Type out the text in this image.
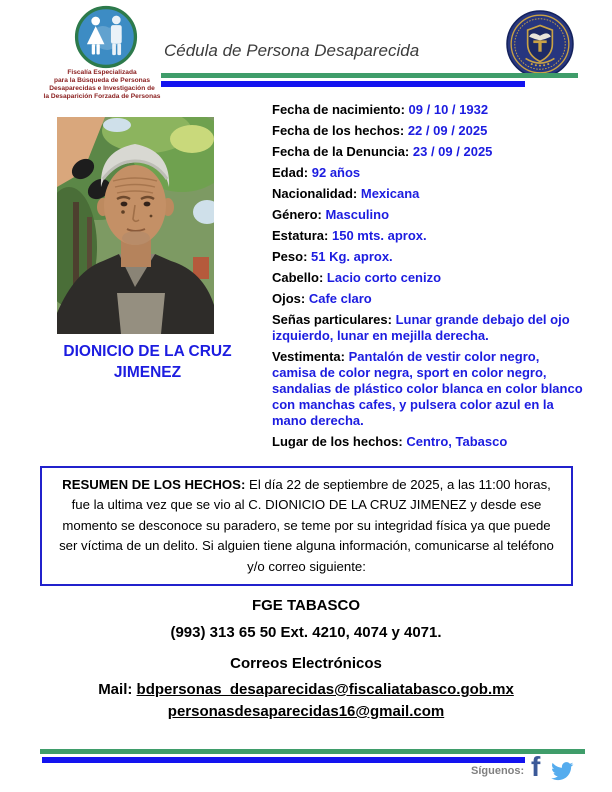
Fiscalía Especializada
para la Búsqueda de Personas
Desaparecidas e Investigación de
la Desaparición Forzada de Personas
Cédula de Persona Desaparecida
DIONICIO DE LA CRUZ
JIMENEZ

Fecha de nacimiento: 09 / 10 / 1932

Fecha de los hechos: 22 / 09 / 2025

Fecha de la Denuncia: 23 / 09 / 2025

Edad: 92 años

Nacionalidad: Mexicana

Género: Masculino

Estatura: 150 mts. aprox.

Peso: 51 Kg. aprox.

Cabello: Lacio corto cenizo

Ojos: Cafe claro

Señas particulares: Lunar grande debajo del ojo izquierdo, lunar en mejilla derecha.

Vestimenta: Pantalón de vestir color negro, camisa de color negra, sport en color negro, sandalias de plástico color blanca en color blanco con manchas cafes, y pulsera color azul en la mano derecha.

Lugar de los hechos: Centro, Tabasco

RESUMEN DE LOS HECHOS: El día 22 de septiembre de 2025, a las 11:00 horas, fue la ultima vez que se vio al C. DIONICIO DE LA CRUZ JIMENEZ y desde ese momento se desconoce su paradero, se teme por su integridad física ya que puede ser víctima de un delito. Si alguien tiene alguna información, comunicarse al teléfono y/o correo siguiente:

FGE TABASCO

(993) 313 65 50 Ext. 4210, 4074 y 4071.

Correos Electrónicos

Mail: bdpersonas_desaparecidas@fiscaliatabasco.gob.mx

personasdesaparecidas16@gmail.com

Síguenos: f
